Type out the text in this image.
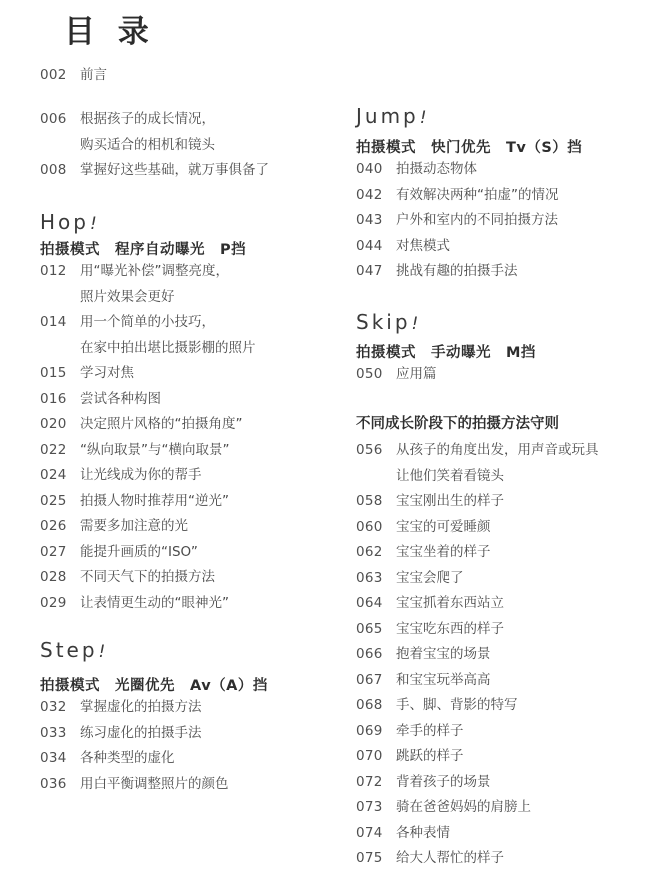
目 录
002 前言
006 根据孩子的成长情况，
购买适合的相机和镜头
008 掌握好这些基础，就万事俱备了
Hop!
拍摄模式　程序自动曝光　P挡
012 用“曝光补偿”调整亮度，
照片效果会更好
014 用一个简单的小技巧，
在家中拍出堪比摄影棚的照片
015 学习对焦
016 尝试各种构图
020 决定照片风格的“拍摄角度”
022 “纵向取景”与“横向取景”
024 让光线成为你的帮手
025 拍摄人物时推荐用“逆光”
026 需要多加注意的光
027 能提升画质的“ISO”
028 不同天气下的拍摄方法
029 让表情更生动的“眼神光”
Step!
拍摄模式　光圈优先　Av（A）挡
032 掌握虚化的拍摄方法
033 练习虚化的拍摄手法
034 各种类型的虚化
036 用白平衡调整照片的颜色
Jump!
拍摄模式　快门优先　Tv（S）挡
040 拍摄动态物体
042 有效解决两种“拍虚”的情况
043 户外和室内的不同拍摄方法
044 对焦模式
047 挑战有趣的拍摄手法
Skip!
拍摄模式　手动曝光　M挡
050 应用篇
不同成长阶段下的拍摄方法守则
056 从孩子的角度出发，用声音或玩具
让他们笑着看镜头
058 宝宝刚出生的样子
060 宝宝的可爱睡颜
062 宝宝坐着的样子
063 宝宝会爬了
064 宝宝抓着东西站立
065 宝宝吃东西的样子
066 抱着宝宝的场景
067 和宝宝玩举高高
068 手、脚、背影的特写
069 牵手的样子
070 跳跃的样子
072 背着孩子的场景
073 骑在爸爸妈妈的肩膀上
074 各种表情
075 给大人帮忙的样子
